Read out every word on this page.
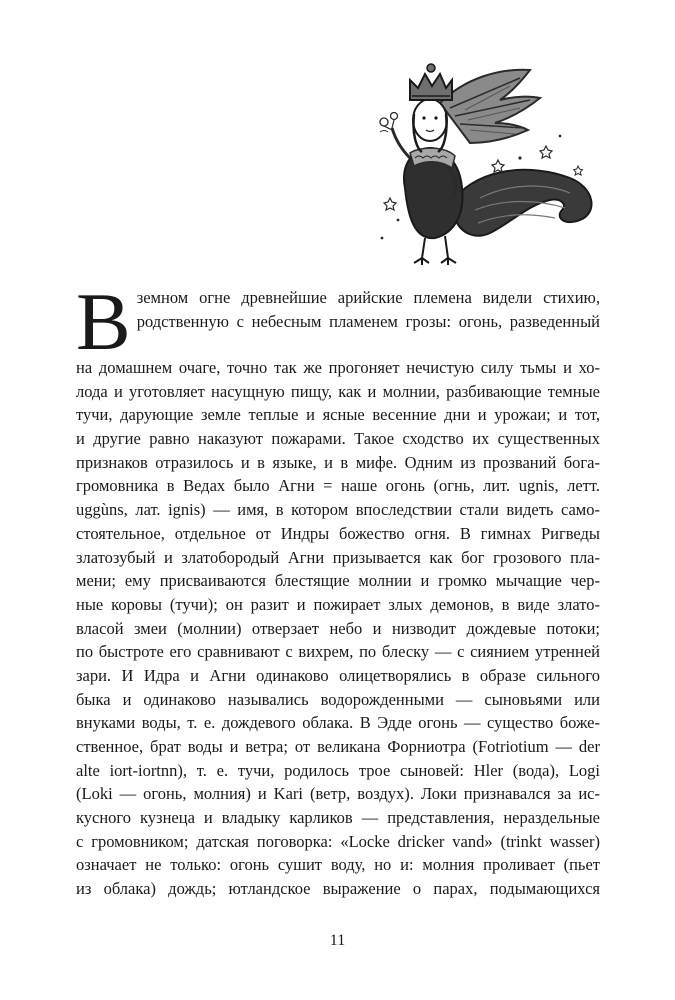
В земном огне древнейшие арийские племена видели стихию,
родственную с небесным пламенем грозы: огонь, разведенный
на домашнем очаге, точно так же прогоняет нечистую силу тьмы и хо-
лода и уготовляет насущную пищу, как и молнии, разбивающие темные
тучи, дарующие земле теплые и ясные весенние дни и урожаи; и тот,
и другие равно наказуют пожарами. Такое сходство их существенных
признаков отразилось и в языке, и в мифе. Одним из прозваний бога-
громовника в Ведах было Агни = наше огонь (огнь, лит. ugnis, летт.
uggùns, лат. ignis) — имя, в котором впоследствии стали видеть само-
стоятельное, отдельное от Индры божество огня. В гимнах Ригведы
златозубый и златобородый Агни призывается как бог грозового пла-
мени; ему присваиваются блестящие молнии и громко мычащие чер-
ные коровы (тучи); он разит и пожирает злых демонов, в виде злато-
власой змеи (молнии) отверзает небо и низводит дождевые потоки;
по быстроте его сравнивают с вихрем, по блеску — с сиянием утренней
зари. И Идра и Агни одинаково олицетворялись в образе сильного
быка и одинаково назывались водорожденными — сыновьями или
внуками воды, т. е. дождевого облака. В Эдде огонь — существо боже-
ственное, брат воды и ветра; от великана Форниотра (Fotriotium — der
alte iort-iortnn), т. е. тучи, родилось трое сыновей: Hler (вода), Logi
(Loki — огонь, молния) и Kari (ветр, воздух). Локи признавался за ис-
кусного кузнеца и владыку карликов — представления, нераздельные
с громовником; датская поговорка: «Locke dricker vand» (trinkt wasser)
означает не только: огонь сушит воду, но и: молния проливает (пьет
из облака) дождь; ютландское выражение о парах, подымающихся
11
